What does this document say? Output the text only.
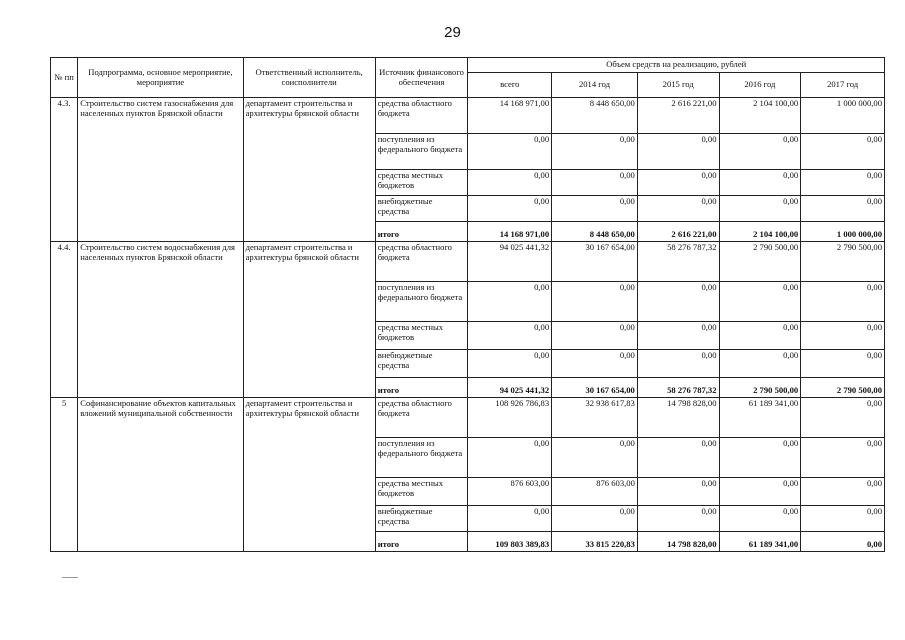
29
№ пп	Подпрограмма, основное мероприятие, мероприятие	Ответственный исполнитель, соисполнители	Источник финансового обеспечения	Объем средств на реализацию, рублей				
				всего	2014 год	2015 год	2016 год	2017 год
4.3.	Строительство систем газоснабжения для населенных пунктов Брянской области	департамент строительства и архитектуры брянской области	средства областного бюджета	14 168 971,00	8 448 650,00	2 616 221,00	2 104 100,00	1 000 000,00
			поступления из федерального бюджета	0,00	0,00	0,00	0,00	0,00
			средства местных бюджетов	0,00	0,00	0,00	0,00	0,00
			внебюджетные средства	0,00	0,00	0,00	0,00	0,00
			итого	14 168 971,00	8 448 650,00	2 616 221,00	2 104 100,00	1 000 000,00
4.4.	Строительство систем водоснабжения для населенных пунктов Брянской области	департамент строительства и архитектуры брянской области	средства областного бюджета	94 025 441,32	30 167 654,00	58 276 787,32	2 790 500,00	2 790 500,00
			поступления из федерального бюджета	0,00	0,00	0,00	0,00	0,00
			средства местных бюджетов	0,00	0,00	0,00	0,00	0,00
			внебюджетные средства	0,00	0,00	0,00	0,00	0,00
			итого	94 025 441,32	30 167 654,00	58 276 787,32	2 790 500,00	2 790 500,00
5	Софинансирование объектов капитальных вложений муниципальной собственности	департамент строительства и архитектуры брянской области	средства областного бюджета	108 926 786,83	32 938 617,83	14 798 828,00	61 189 341,00	0,00
			поступления из федерального бюджета	0,00	0,00	0,00	0,00	0,00
			средства местных бюджетов	876 603,00	876 603,00	0,00	0,00	0,00
			внебюджетные средства	0,00	0,00	0,00	0,00	0,00
			итого	109 803 389,83	33 815 220,83	14 798 828,00	61 189 341,00	0,00
